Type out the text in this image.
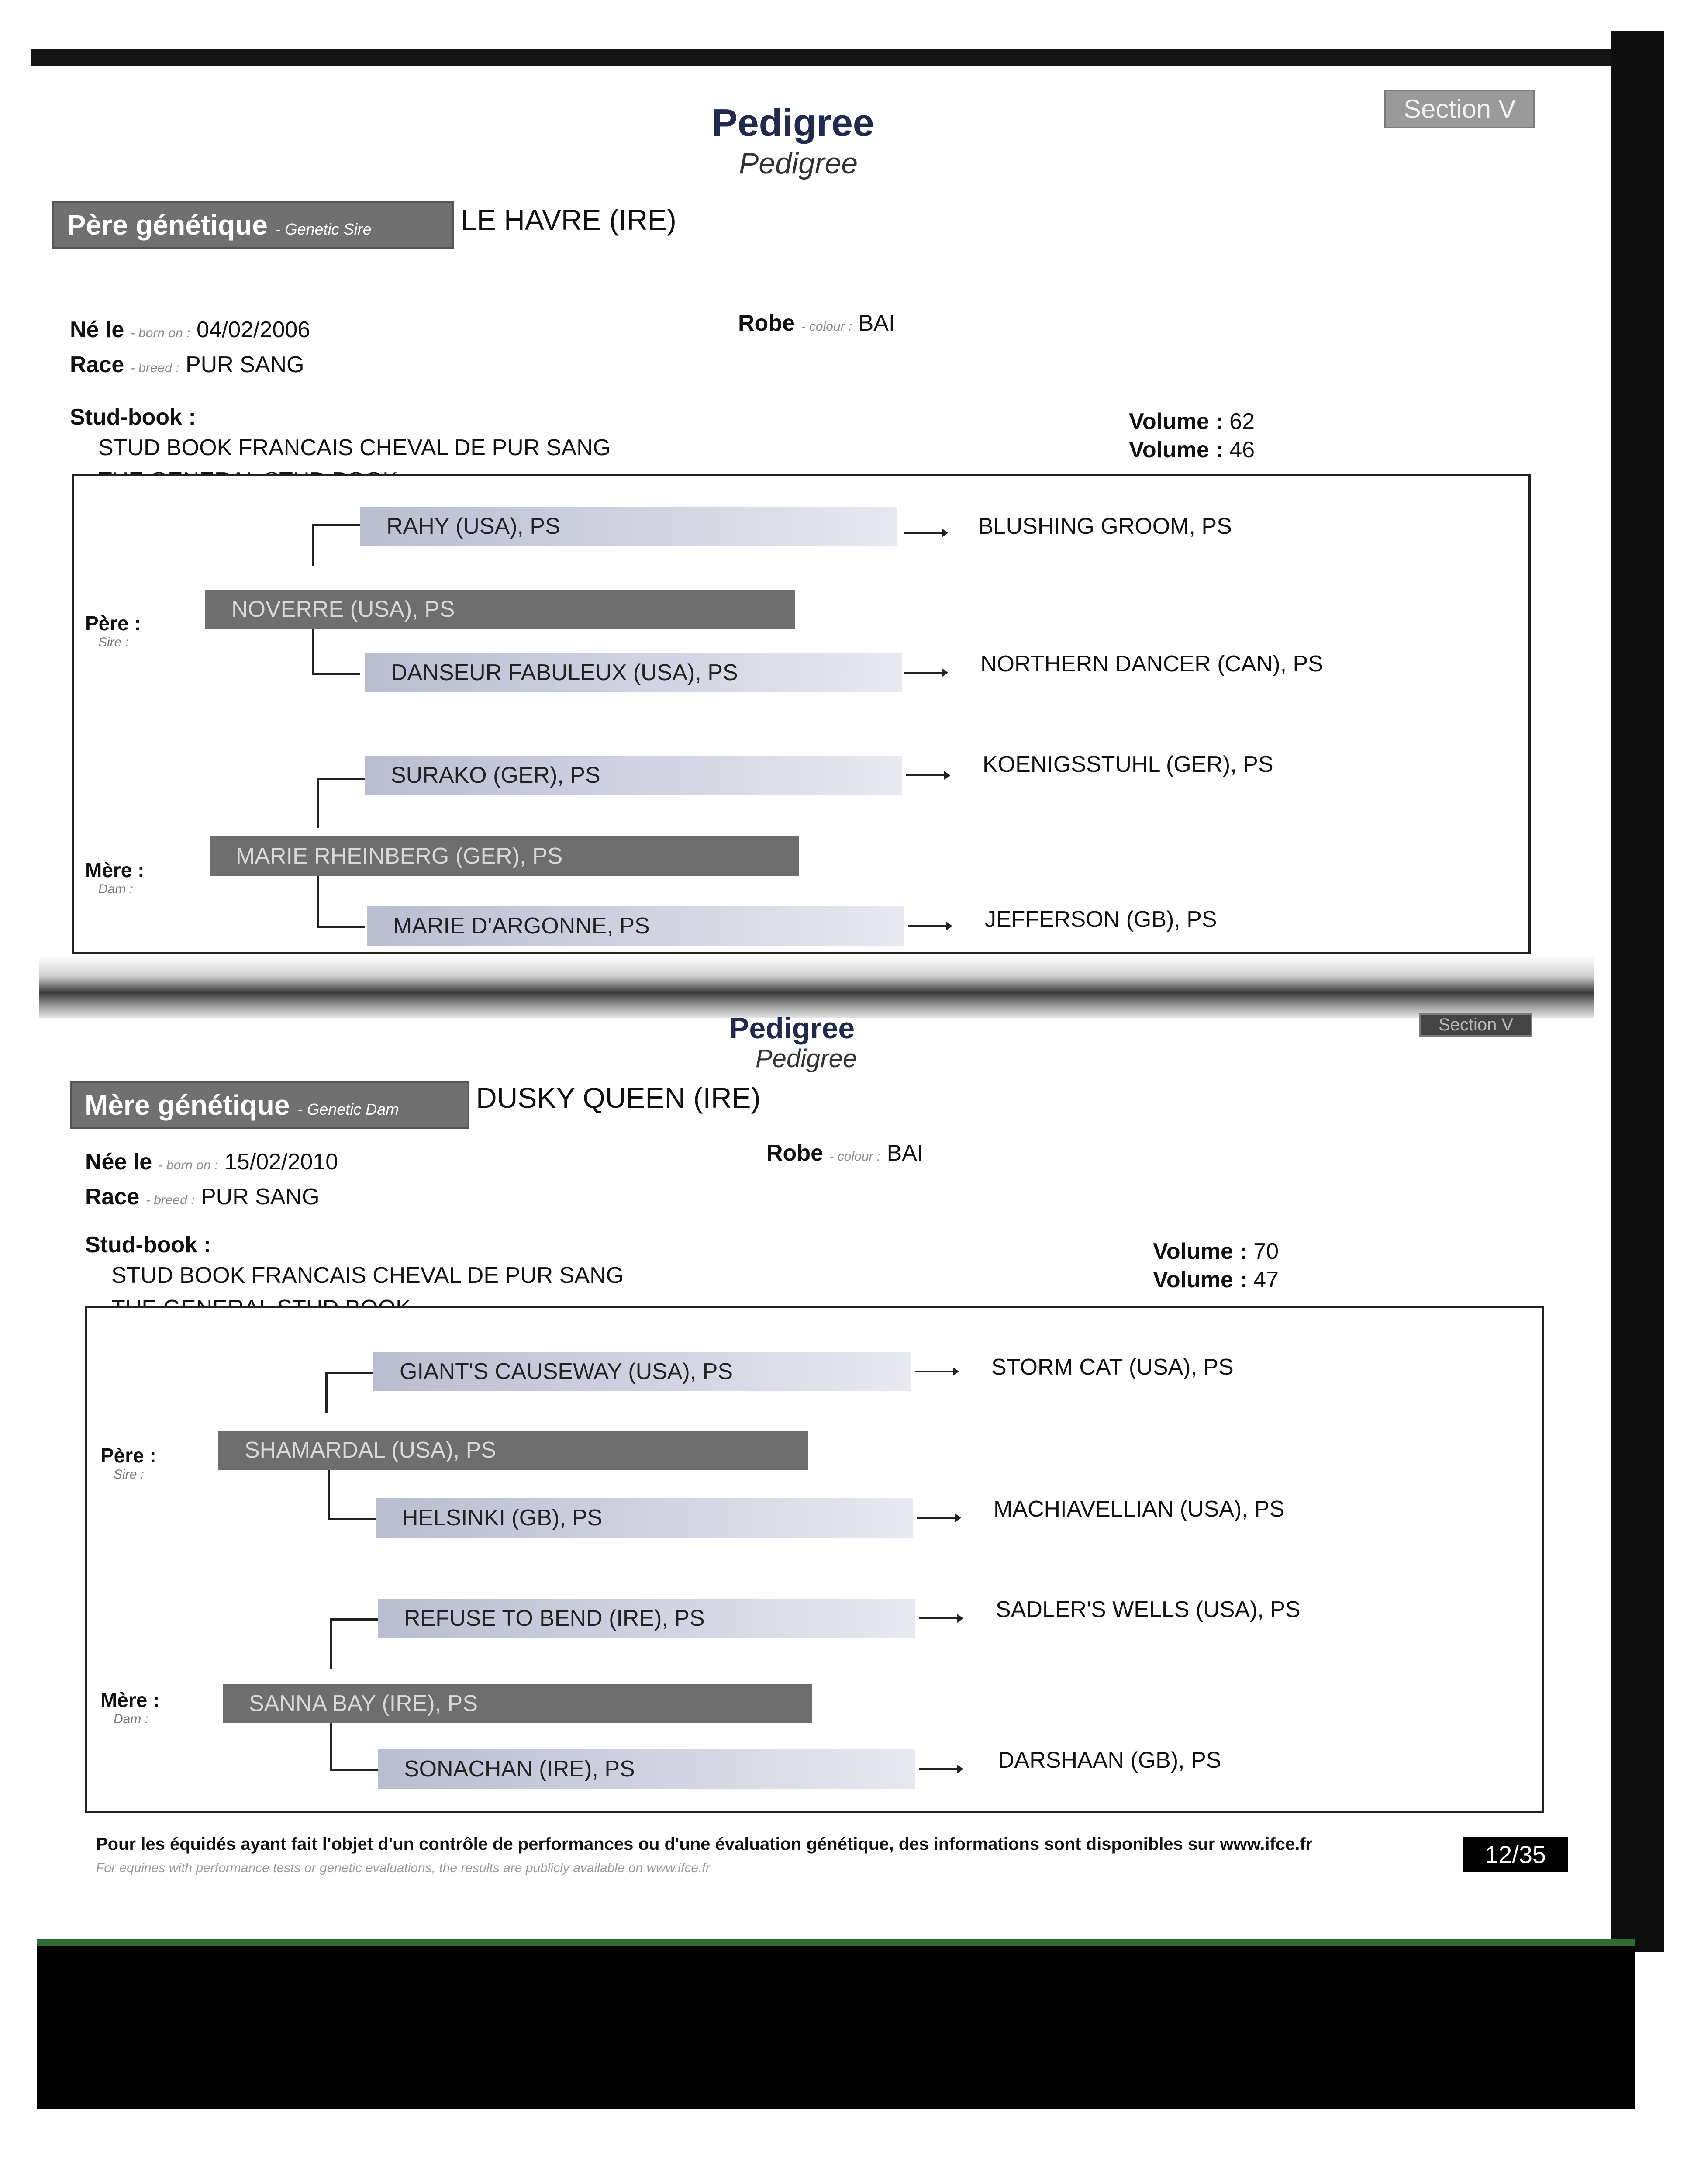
Section V
Pedigree
Pedigree
Père génétique - Genetic Sire	LE HAVRE (IRE)
Né le - born on : 04/02/2006
Race - breed : PUR SANG
Robe - colour : BAI
Stud-book :
STUD BOOK FRANCAIS CHEVAL DE PUR SANG
Volume : 62
Volume : 46
RAHY (USA), PS	BLUSHING GROOM, PS
Père :
Sire :
NOVERRE (USA), PS
DANSEUR FABULEUX (USA), PS	NORTHERN DANCER (CAN), PS
SURAKO (GER), PS	KOENIGSSTUHL (GER), PS
Mère :
Dam :
MARIE RHEINBERG (GER), PS
MARIE D'ARGONNE, PS	JEFFERSON (GB), PS
Section V
Pedigree
Pedigree
Mère génétique - Genetic Dam	DUSKY QUEEN (IRE)
Née le - born on : 15/02/2010
Race - breed : PUR SANG
Robe - colour : BAI
Stud-book :
STUD BOOK FRANCAIS CHEVAL DE PUR SANG
Volume : 70
Volume : 47
GIANT'S CAUSEWAY (USA), PS	STORM CAT (USA), PS
Père :
Sire :
SHAMARDAL (USA), PS
HELSINKI (GB), PS	MACHIAVELLIAN (USA), PS
Mère :
Dam :
REFUSE TO BEND (IRE), PS	SADLER'S WELLS (USA), PS
SANNA BAY (IRE), PS
SONACHAN (IRE), PS	DARSHAAN (GB), PS
Pour les équidés ayant fait l'objet d'un contrôle de performances ou d'une évaluation génétique, des informations sont disponibles sur www.ifce.fr
For equines with performance tests or genetic evaluations, the results are publicly available on www.ifce.fr	12/35
